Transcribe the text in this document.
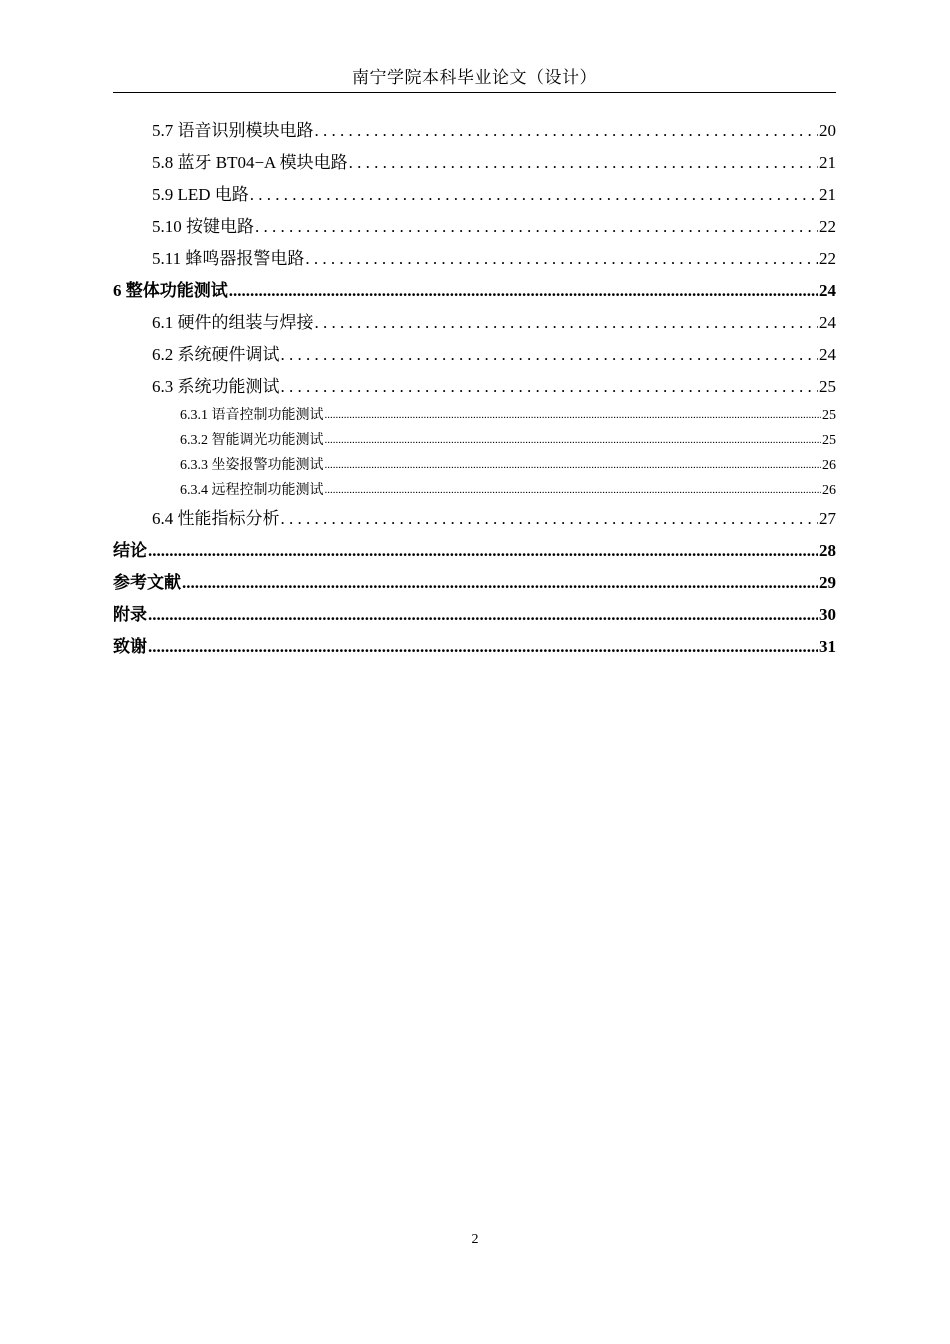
南宁学院本科毕业论文（设计）
5.7 语音识别模块电路 . . .	20
5.8 蓝牙 BT04−A 模块电路 . . .	21
5.9 LED 电路 . . .	21
5.10 按键电路 . . .	22
5.11 蜂鸣器报警电路 . . .	22
6 整体功能测试 .....	24
6.1 硬件的组装与焊接 . . .	24
6.2 系统硬件调试 . . .	24
6.3 系统功能测试 . . .	25
6.3.1 语音控制功能测试 .....	25
6.3.2 智能调光功能测试 .....	25
6.3.3 坐姿报警功能测试 .....	26
6.3.4 远程控制功能测试 .....	26
6.4 性能指标分析 . . .	27
结论 .....	28
参考文献 .....	29
附录 .....	30
致谢 .....	31
2
